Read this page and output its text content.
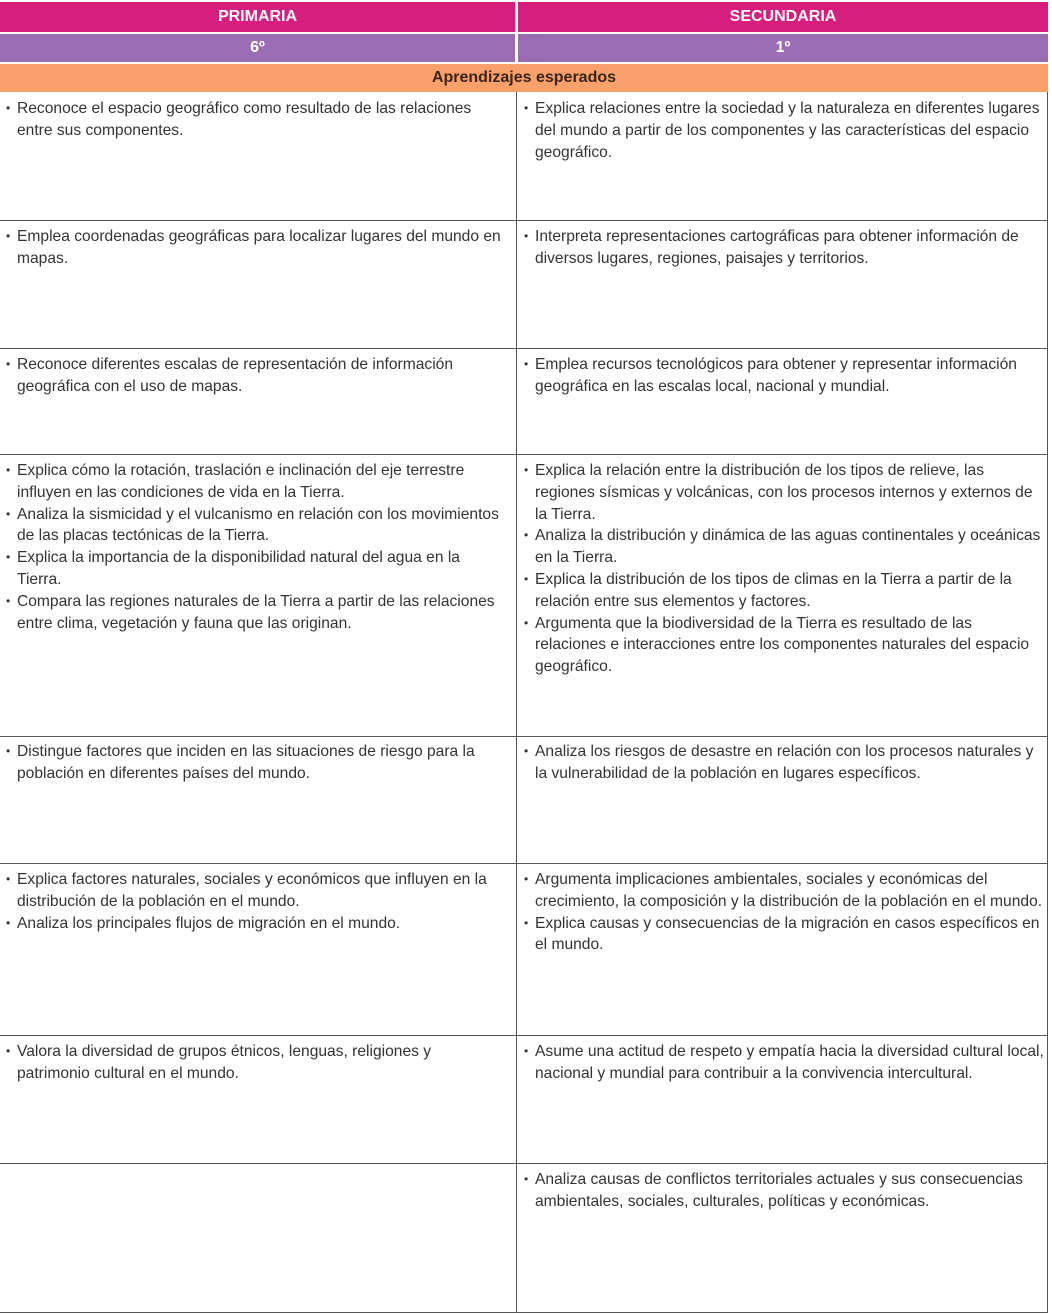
PRIMARIA	SECUNDARIA
6º	1º
Aprendizajes esperados
• Reconoce el espacio geográfico como resultado de las relaciones entre sus componentes.
• Explica relaciones entre la sociedad y la naturaleza en diferentes lugares del mundo a partir de los componentes y las características del espacio geográfico.
• Emplea coordenadas geográficas para localizar lugares del mundo en mapas.
• Interpreta representaciones cartográficas para obtener información de diversos lugares, regiones, paisajes y territorios.
• Reconoce diferentes escalas de representación de información geográfica con el uso de mapas.
• Emplea recursos tecnológicos para obtener y representar información geográfica en las escalas local, nacional y mundial.
• Explica cómo la rotación, traslación e inclinación del eje terrestre influyen en las condiciones de vida en la Tierra.
• Analiza la sismicidad y el vulcanismo en relación con los movimientos de las placas tectónicas de la Tierra.
• Explica la importancia de la disponibilidad natural del agua en la Tierra.
• Compara las regiones naturales de la Tierra a partir de las relaciones entre clima, vegetación y fauna que las originan.
• Explica la relación entre la distribución de los tipos de relieve, las regiones sísmicas y volcánicas, con los procesos internos y externos de la Tierra.
• Analiza la distribución y dinámica de las aguas continentales y oceánicas en la Tierra.
• Explica la distribución de los tipos de climas en la Tierra a partir de la relación entre sus elementos y factores.
• Argumenta que la biodiversidad de la Tierra es resultado de las relaciones e interacciones entre los componentes naturales del espacio geográfico.
• Distingue factores que inciden en las situaciones de riesgo para la población en diferentes países del mundo.
• Analiza los riesgos de desastre en relación con los procesos naturales y la vulnerabilidad de la población en lugares específicos.
• Explica factores naturales, sociales y económicos que influyen en la distribución de la población en el mundo.
• Analiza los principales flujos de migración en el mundo.
• Argumenta implicaciones ambientales, sociales y económicas del crecimiento, la composición y la distribución de la población en el mundo.
• Explica causas y consecuencias de la migración en casos específicos en el mundo.
• Valora la diversidad de grupos étnicos, lenguas, religiones y patrimonio cultural en el mundo.
• Asume una actitud de respeto y empatía hacia la diversidad cultural local, nacional y mundial para contribuir a la convivencia intercultural.
• Analiza causas de conflictos territoriales actuales y sus consecuencias ambientales, sociales, culturales, políticas y económicas.
